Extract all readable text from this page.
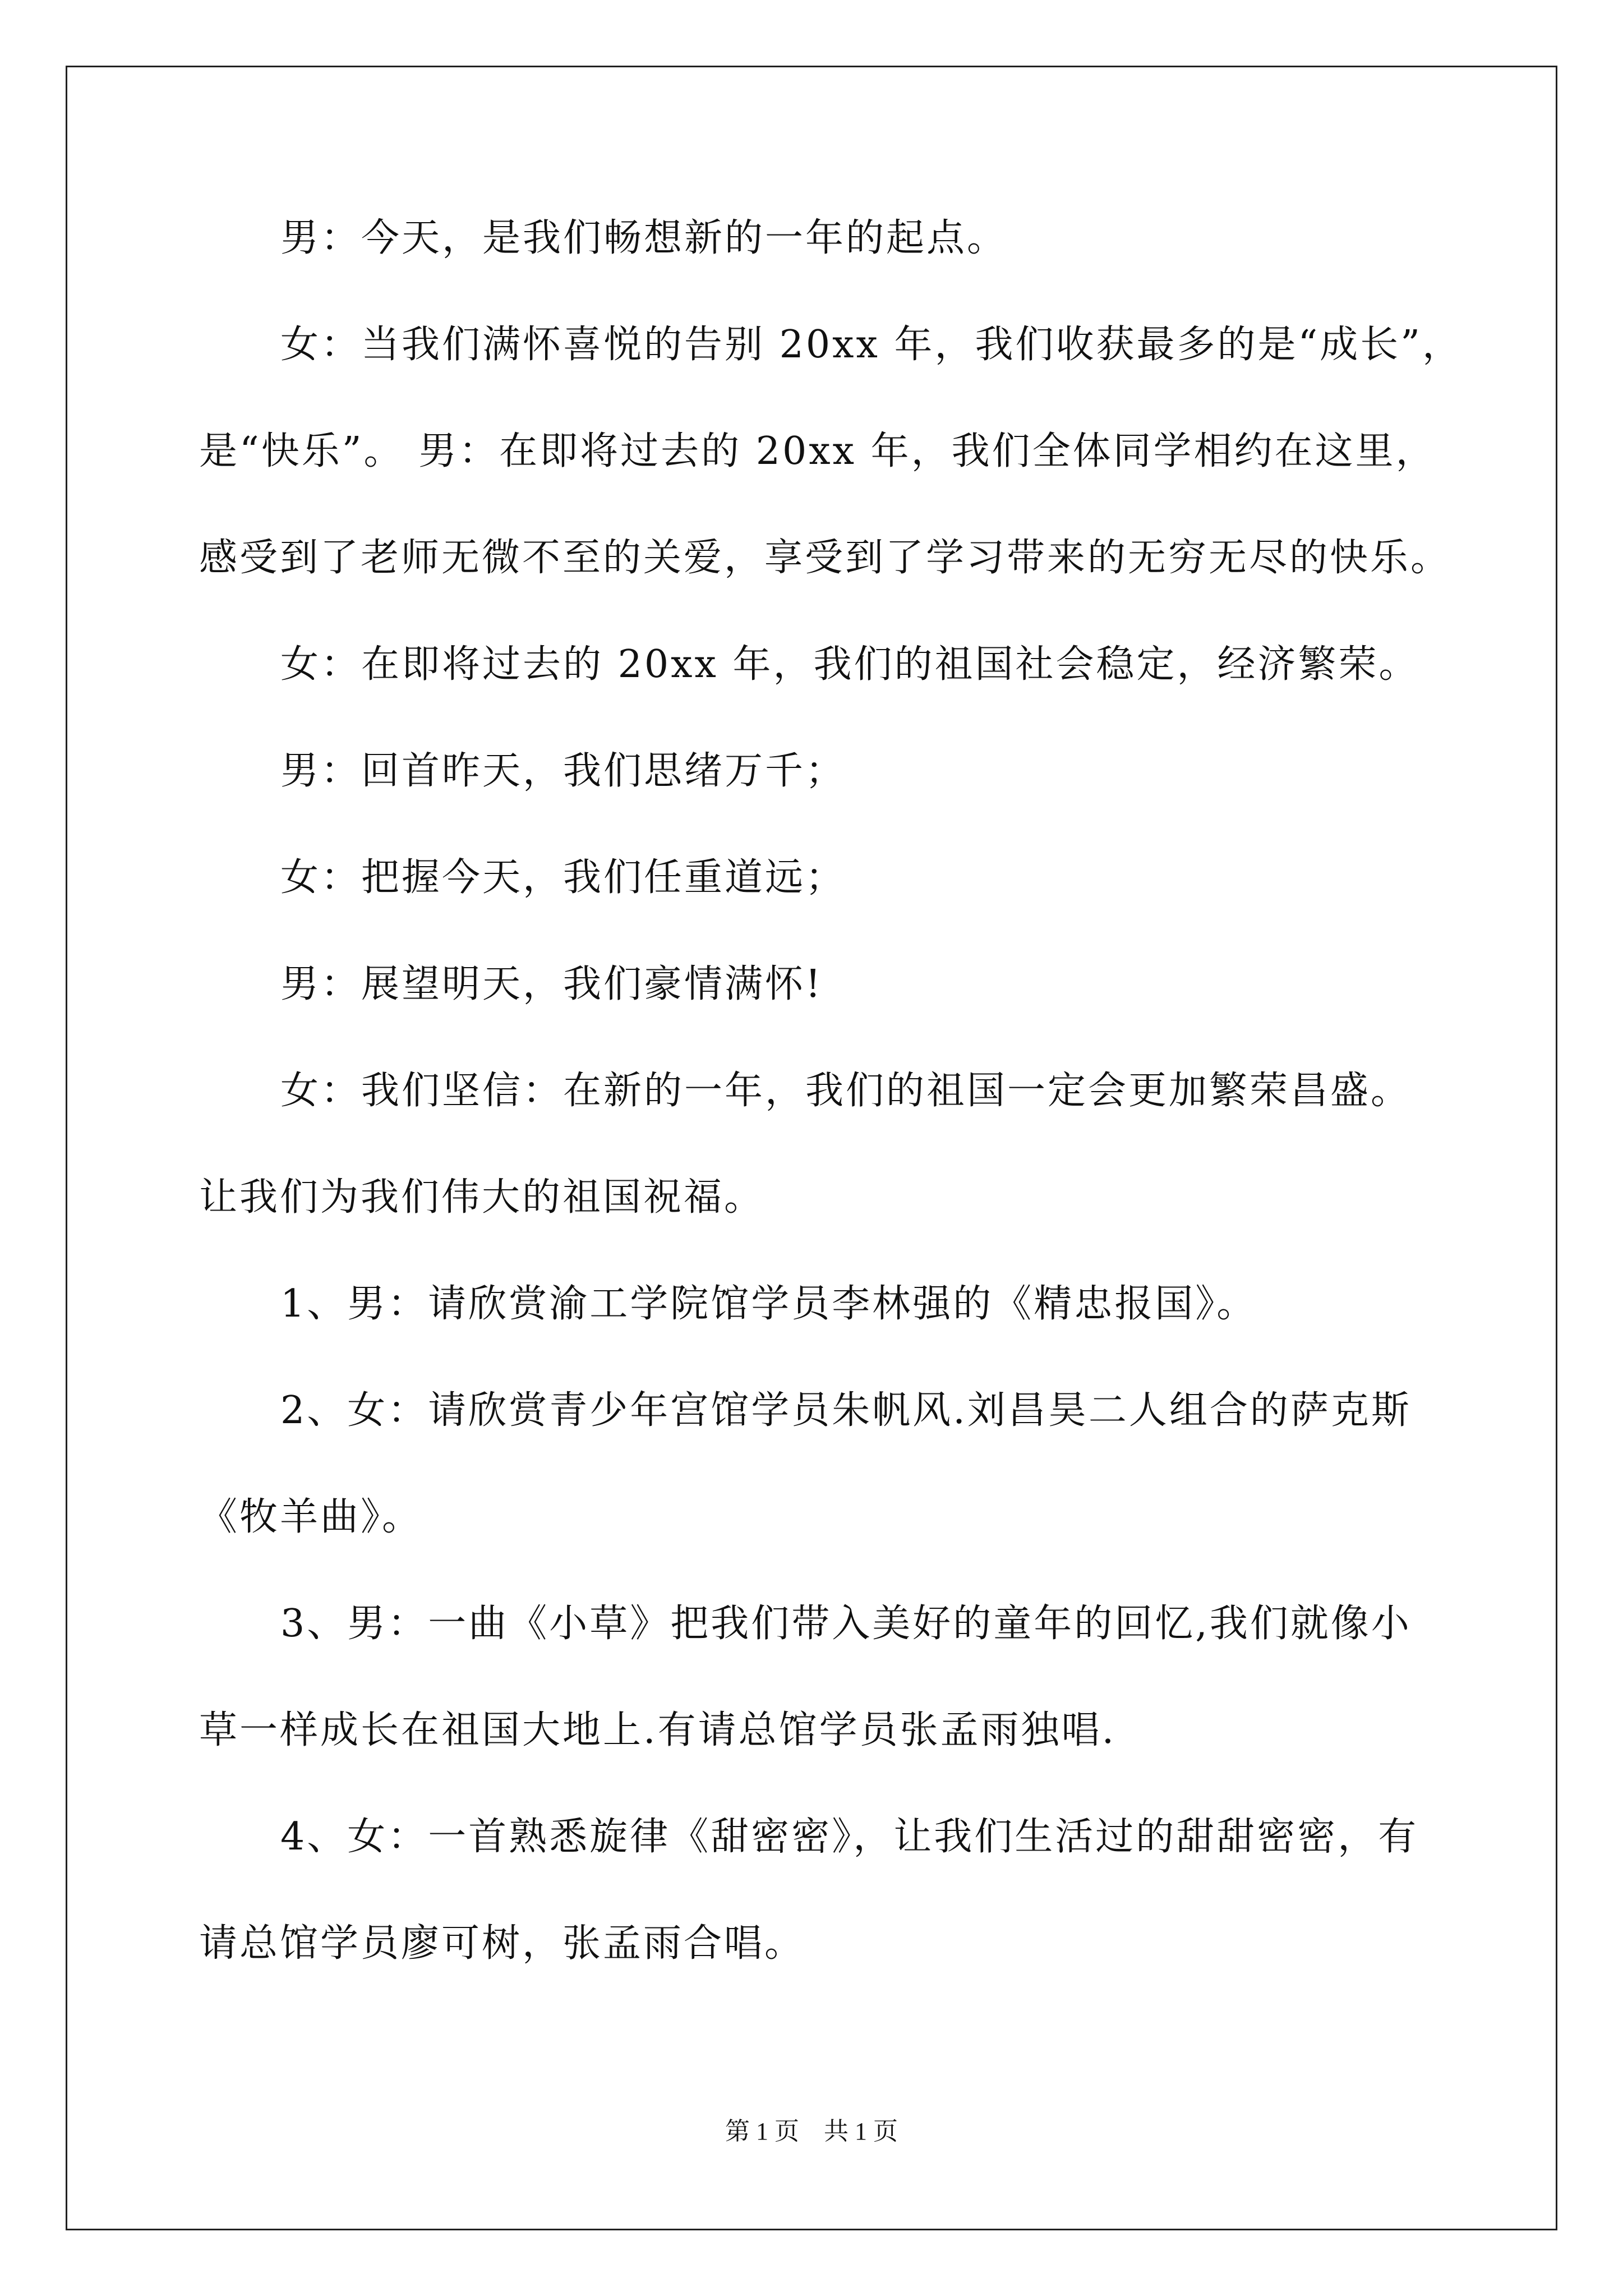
男：今天，是我们畅想新的一年的起点。
女：当我们满怀喜悦的告别 20xx 年，我们收获最多的是“成长”，
是“快乐”。 男：在即将过去的 20xx 年，我们全体同学相约在这里，
感受到了老师无微不至的关爱，享受到了学习带来的无穷无尽的快乐。
女：在即将过去的 20xx 年，我们的祖国社会稳定，经济繁荣。
男：回首昨天，我们思绪万千；
女：把握今天，我们任重道远；
男：展望明天，我们豪情满怀!
女：我们坚信：在新的一年，我们的祖国一定会更加繁荣昌盛。
让我们为我们伟大的祖国祝福。
1、男：请欣赏渝工学院馆学员李林强的《精忠报国》。
2、女：请欣赏青少年宫馆学员朱帆风.刘昌昊二人组合的萨克斯
《牧羊曲》。
3、男：一曲《小草》把我们带入美好的童年的回忆,我们就像小
草一样成长在祖国大地上.有请总馆学员张孟雨独唱.
4、女：一首熟悉旋律《甜密密》，让我们生活过的甜甜密密，有
请总馆学员廖可树，张孟雨合唱。
第 1 页　共 1 页
